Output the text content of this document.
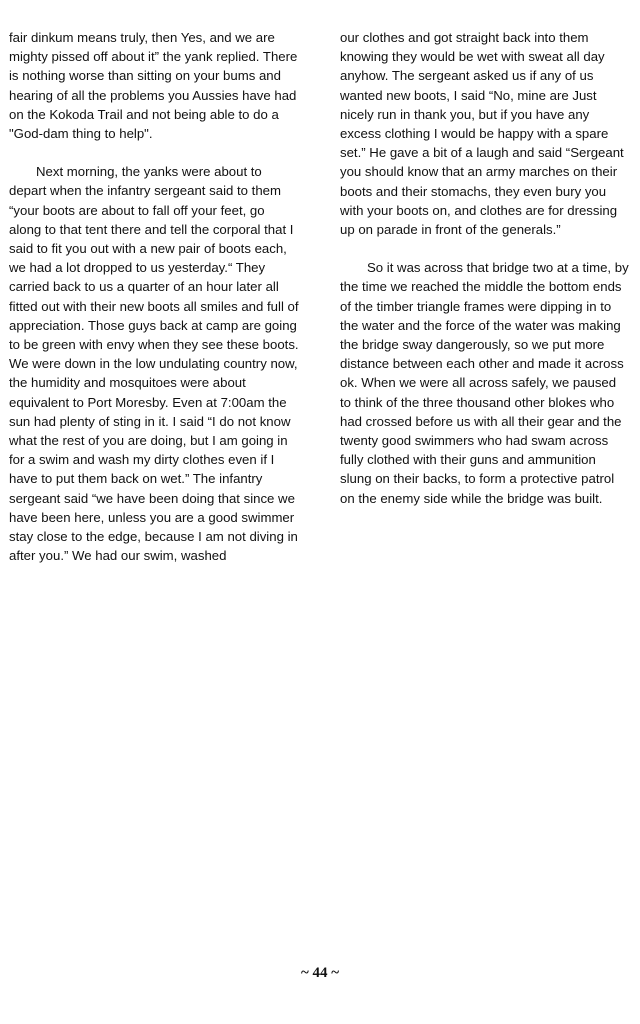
fair dinkum means truly, then Yes, and we are mighty pissed off about it” the yank replied. There is nothing worse than sitting on your bums and hearing of all the problems you Aussies have had on the Kokoda Trail and not being able to do a "God-dam thing to help".

Next morning, the yanks were about to depart when the infantry sergeant said to them “your boots are about to fall off your feet, go along to that tent there and tell the corporal that I said to fit you out with a new pair of boots each, we had a lot dropped to us yesterday.“ They carried back to us a quarter of an hour later all fitted out with their new boots all smiles and full of appreciation. Those guys back at camp are going to be green with envy when they see these boots. We were down in the low undulating country now, the humidity and mosquitoes were about equivalent to Port Moresby. Even at 7:00am the sun had plenty of sting in it. I said “I do not know what the rest of you are doing, but I am going in for a swim and wash my dirty clothes even if I have to put them back on wet.” The infantry sergeant said “we have been doing that since we have been here, unless you are a good swimmer stay close to the edge, because I am not diving in after you.” We had our swim, washed

our clothes and got straight back into them knowing they would be wet with sweat all day anyhow. The sergeant asked us if any of us wanted new boots, I said “No, mine are Just nicely run in thank you, but if you have any excess clothing I would be happy with a spare set.” He gave a bit of a laugh and said “Sergeant you should know that an army marches on their boots and their stomachs, they even bury you with your boots on, and clothes are for dressing up on parade in front of the generals.”

So it was across that bridge two at a time, by the time we reached the middle the bottom ends of the timber triangle frames were dipping in to the water and the force of the water was making the bridge sway dangerously, so we put more distance between each other and made it across ok. When we were all across safely, we paused to think of the three thousand other blokes who had crossed before us with all their gear and the twenty good swimmers who had swam across fully clothed with their guns and ammunition slung on their backs, to form a protective patrol on the enemy side while the bridge was built.

~ 44 ~
